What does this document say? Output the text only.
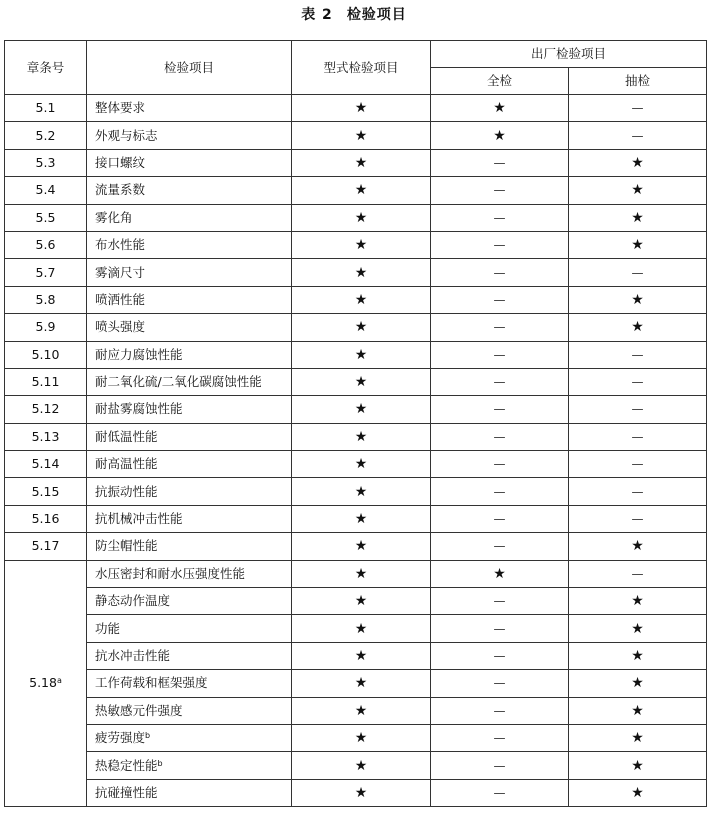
表 2 检验项目
章条号	检验项目	型式检验项目	出厂检验项目	
			全检	抽检
5.1	整体要求	★	★	—
5.2	外观与标志	★	★	—
5.3	接口螺纹	★	—	★
5.4	流量系数	★	—	★
5.5	雾化角	★	—	★
5.6	布水性能	★	—	★
5.7	雾滴尺寸	★	—	—
5.8	喷洒性能	★	—	★
5.9	喷头强度	★	—	★
5.10	耐应力腐蚀性能	★	—	—
5.11	耐二氧化硫/二氧化碳腐蚀性能	★	—	—
5.12	耐盐雾腐蚀性能	★	—	—
5.13	耐低温性能	★	—	—
5.14	耐高温性能	★	—	—
5.15	抗振动性能	★	—	—
5.16	抗机械冲击性能	★	—	—
5.17	防尘帽性能	★	—	★
5.18$^a$	水压密封和耐水压强度性能	★	★	—
	静态动作温度	★	—	★
	功能	★	—	★
	抗水冲击性能	★	—	★
	工作荷载和框架强度	★	—	★
	热敏感元件强度	★	—	★
	疲劳强度$^b$	★	—	★
	热稳定性能$^b$	★	—	★
	抗碰撞性能	★	—	★
